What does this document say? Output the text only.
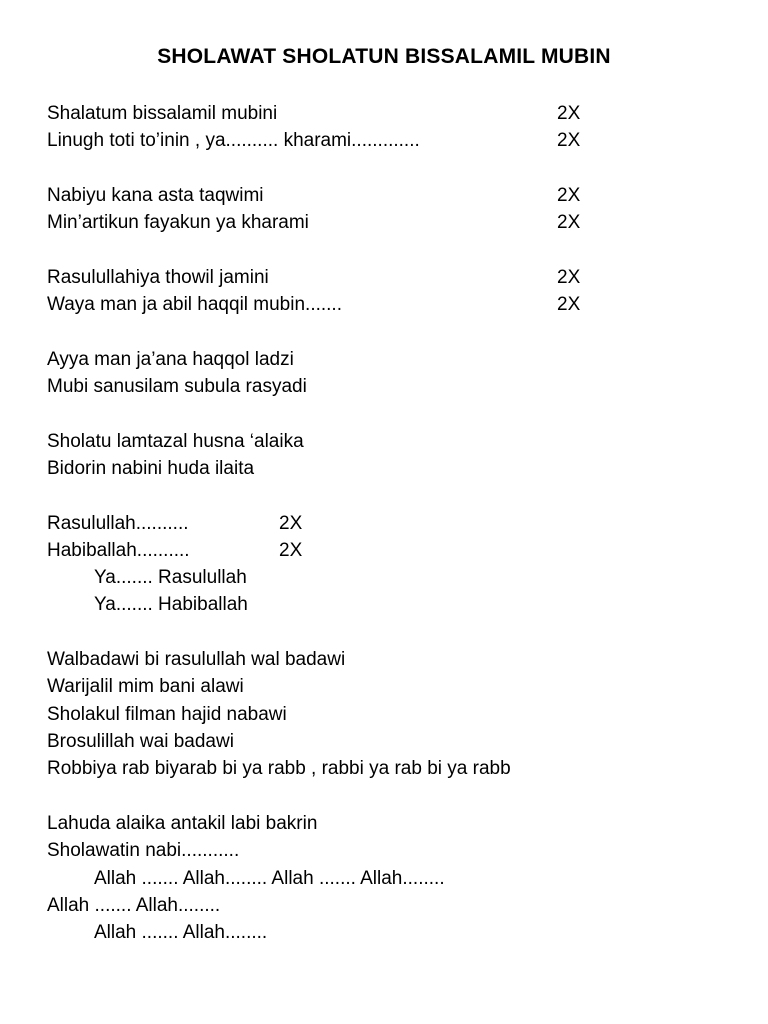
SHOLAWAT SHOLATUN BISSALAMIL MUBIN
Shalatum bissalamil mubini	2X
Linugh toti to’inin , ya.......... kharami.............	2X
Nabiyu kana asta taqwimi	2X
Min’artikun fayakun ya kharami	2X
Rasulullahiya thowil jamini	2X
Waya man ja abil haqqil mubin.......	2X
Ayya man ja’ana haqqol ladzi
Mubi sanusilam subula rasyadi
Sholatu lamtazal husna ‘alaika
Bidorin nabini huda ilaita
Rasulullah..........	2X
Habiballah..........	2X
Ya....... Rasulullah
Ya....... Habiballah
Walbadawi bi rasulullah wal badawi
Warijalil mim bani alawi
Sholakul filman hajid nabawi
Brosulillah wai badawi
Robbiya rab biyarab bi ya rabb , rabbi ya rab bi ya rabb
Lahuda alaika antakil labi bakrin
Sholawatin nabi...........
Allah ....... Allah........ Allah ....... Allah........
Allah ....... Allah........
Allah ....... Allah........
